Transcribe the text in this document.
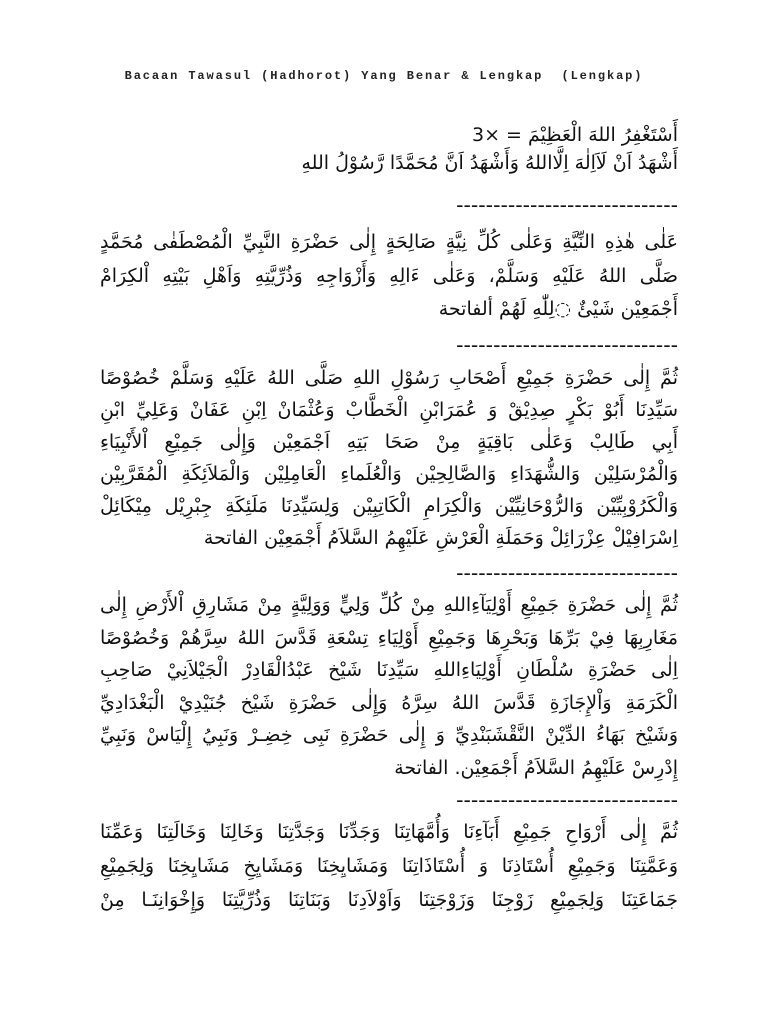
Bacaan Tawasul (Hadhorot) Yang Benar & Lengkap  (Lengkap)
أَسْتَغْفِرُ اللهَ الْعَظِيْمَ = ×3
أَشْهَدُ اَنْ لَاَاِلٰهَ اِلَّااللهُ وَأَشْهَدُ اَنَّ مُحَمَّدًا رَّسُوْلُ اللهِ
------------------------------
عَلٰى هٰذِهِ النِّيَّةِ وَعَلٰى كُلِّ نِيَّةٍ صَالِحَةٍ إِلٰى حَضْرَةِ النَّبِيِّ الْمُصْطَفٰى مُحَمَّدٍ
صَلَّى اللهُ عَلَيْهِ وَسَلَّمْ، وَعَلٰى ءَالِهِ وَأَزْوَاجِهِ وَذُرِّيَّتِهِ وَاَهْلِ بَيْتِهِ اْلكِرَامْ
أَجْمَعِيْن شَيْئٌ ◌لِلّٰهِ لَهُمْ ألفاتحة
------------------------------
ثُمَّ إِلٰى حَضْرَةِ جَمِيْعِ أَصْحَابِ رَسُوْلِ اللهِ صَلَّى اللهُ عَلَيْهِ وَسَلَّمْ خُصُوْصًا
سَيِّدِنَا أَبُوْ بَكْرٍ صِدِيْقْ وَ عُمَرَابْنِ الْخَطَّابْ وَعُثْمَانْ اِبْنِ عَفَانْ وَعَلِيِّ ابْنِ
أَبِي طَالِبْ وَعَلٰى بَاقِيَةٍ مِنْ صَحَا بَتِهِ اَجْمَعِيْن وَإِلٰى جَمِيْعِ اْلأَنْبِيَاءِ
وَالْمُرْسَلِيْن وَالشُّهَدَاءِ وَالصَّالِحِيْن وَالْعُلَماءِ الْعَامِلِيْن وَالْمَلاَئِكَةِ الْمُقَرَّبِيْن
وَالْكَرُوْبِيِّيْن وَالرُّوْحَانِيِّيْن وَالْكِرَامِ الْكَاتِبِيْن وَلِسَيِّدِنَا مَلَئِكَةِ جِبْرِيْل مِيْكَائِلْ
اِسْرَافِيْلْ عِزْرَائِلْ وَحَمَلَةِ الْعَرْشِ عَلَيْهِمُ السَّلاَمُ أَجْمَعِيْن الفاتحة
------------------------------
ثُمَّ إِلٰى حَضْرَةِ جَمِيْعِ أَوْلِيَآءِاللهِ مِنْ كُلِّ وَلِيٍّ وَوَلِيَّةٍ مِنْ مَشَارِقِ اْلأَرْضِ إِلٰى
مَغَارِبِهَا فِيْ بَرِّهَا وَبَحْرِهَا وَجَمِيْعِ أَوْلِيَاءِ تِسْعَةِ قَدَّسَ اللهُ سِرَّهُمْ وَخُصُوْصًا
اِلٰى حَضْرَةِ سُلْطَانِ أَوْلِيَاءِاللهِ سَيِّدِنَا شَيْخ عَبْدُالْقَادِرْ الْجَيْلاَنِيْ صَاحِبِ
الْكَرَمَةِ وَاْلإِجَازَةِ قَدَّسَ اللهُ سِرَّهُ وَإِلٰى حَضْرَةِ شَيْخ جُنَيْدِيْ الْبَغْدَادِيِّ
وَشَيْخ بَهَاءُ الدِّيْنْ النَّقْشَبَنْدِيِّ وَ إِلٰى حَضْرَةِ نَبِى خِضِـرْ وَنَبِيُ إِلْيَاسْ وَنَبِيِّ
إِدْرِسْ عَلَيْهِمُ السَّلاَمُ أَجْمَعِيْن. الفاتحة
------------------------------
ثُمَّ إِلٰى أَرْوَاحِ جَمِيْعِ أَبَآءِنَا وَأُمَّهَاتِنَا وَجَدِّنَا وَجَدَّتِنَا وَخَالِنَا وَخَالَتِنَا وَعَمِّنَا
وَعَمَّتِنَا وَجَمِيْعِ أُسْتَاذِنَا وَ أُسْتَاذَاتِنَا وَمَشَايِخِنَا وَمَشَايِخِ مَشَايِخِنَا وَلِجَمِيْعِ
جَمَاعَتِنَا وَلِجَمِيْعِ زَوْجِنَا وَزَوْجَتِنَا وَاَوْلاَدِنَا وَبَنَاتِنَا وَذُرِّيَّتِنَا وَإِخْوَانِنَـا مِنْ
